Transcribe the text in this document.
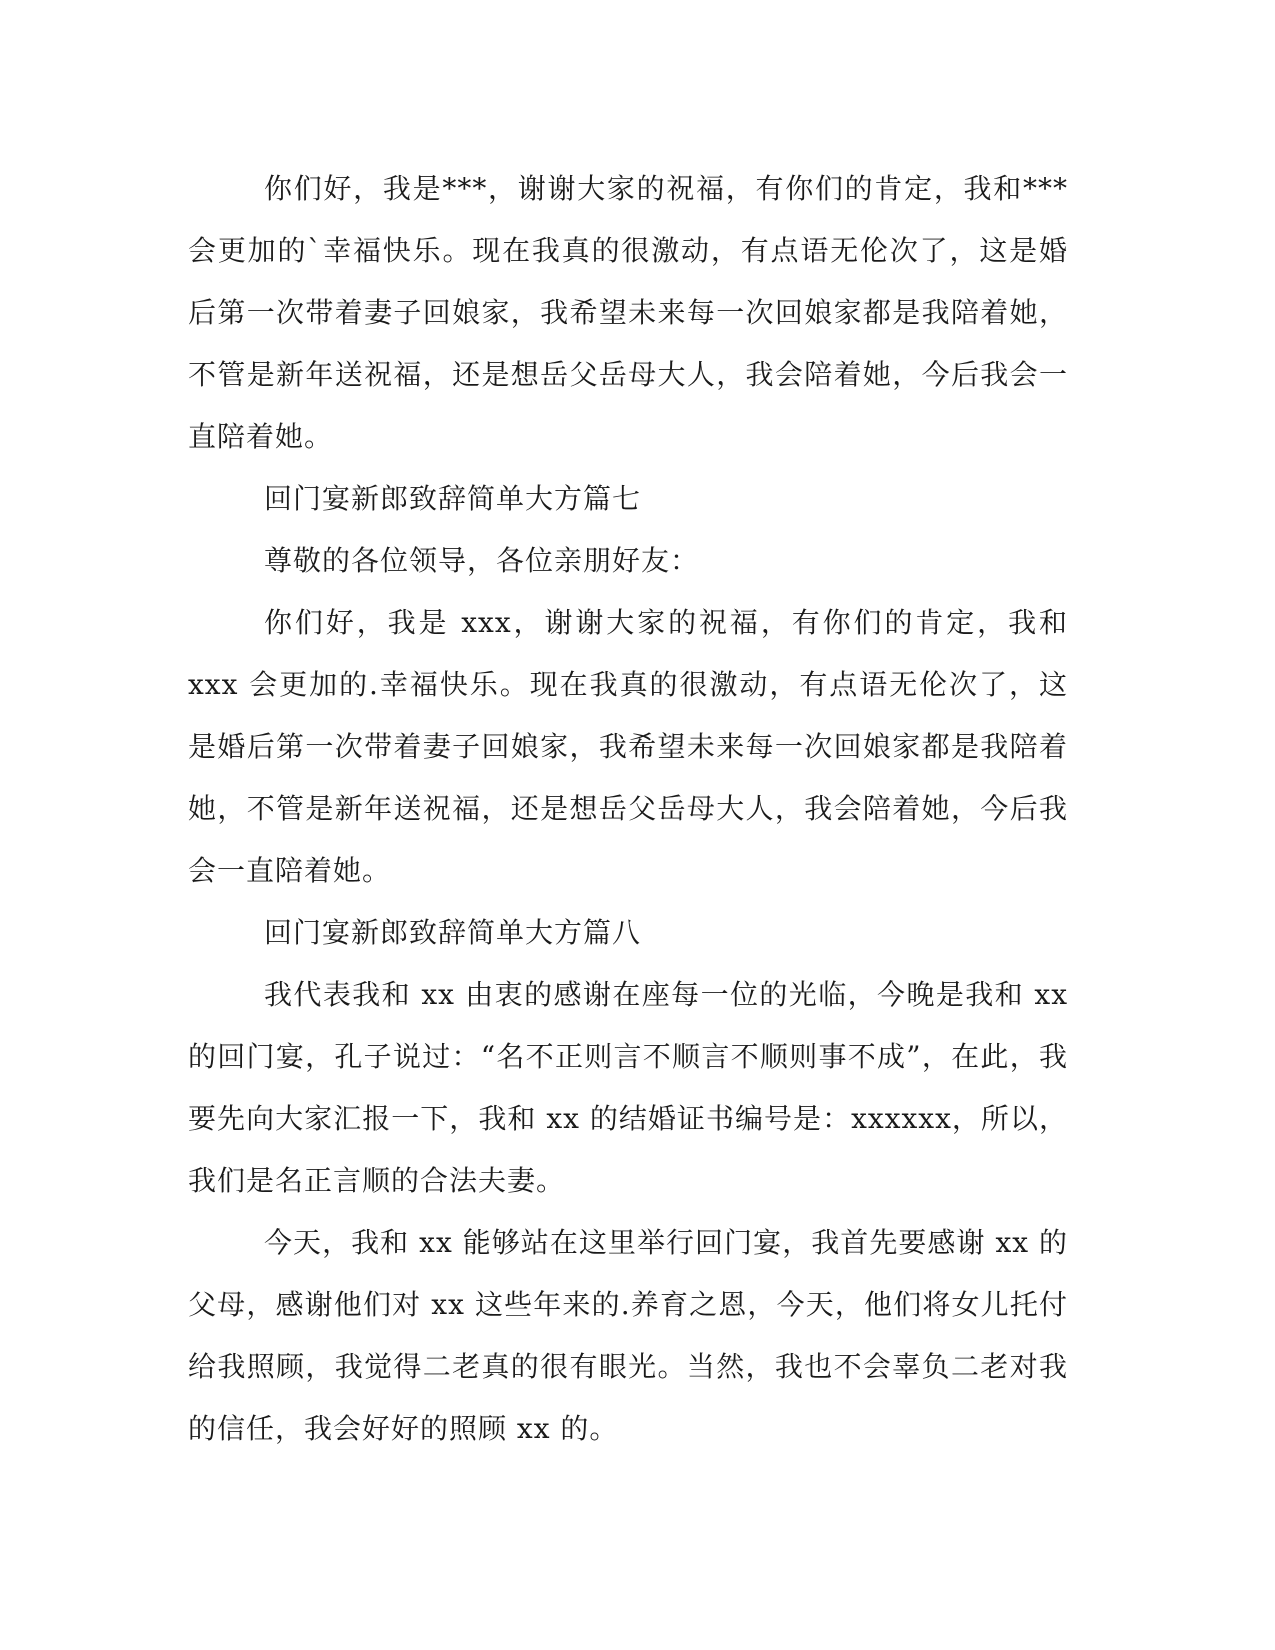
你们好，我是***，谢谢大家的祝福，有你们的肯定，我和***会更加的`幸福快乐。现在我真的很激动，有点语无伦次了，这是婚后第一次带着妻子回娘家，我希望未来每一次回娘家都是我陪着她，不管是新年送祝福，还是想岳父岳母大人，我会陪着她，今后我会一直陪着她。

回门宴新郎致辞简单大方篇七

尊敬的各位领导，各位亲朋好友：

你们好，我是 xxx，谢谢大家的祝福，有你们的肯定，我和 xxx 会更加的.幸福快乐。现在我真的很激动，有点语无伦次了，这是婚后第一次带着妻子回娘家，我希望未来每一次回娘家都是我陪着她，不管是新年送祝福，还是想岳父岳母大人，我会陪着她，今后我会一直陪着她。

回门宴新郎致辞简单大方篇八

我代表我和 xx 由衷的感谢在座每一位的光临，今晚是我和 xx 的回门宴，孔子说过：“名不正则言不顺言不顺则事不成”，在此，我要先向大家汇报一下，我和 xx 的结婚证书编号是：xxxxxx，所以，我们是名正言顺的合法夫妻。

今天，我和 xx 能够站在这里举行回门宴，我首先要感谢 xx 的父母，感谢他们对 xx 这些年来的.养育之恩，今天，他们将女儿托付给我照顾，我觉得二老真的很有眼光。当然，我也不会辜负二老对我的信任，我会好好的照顾 xx 的。
